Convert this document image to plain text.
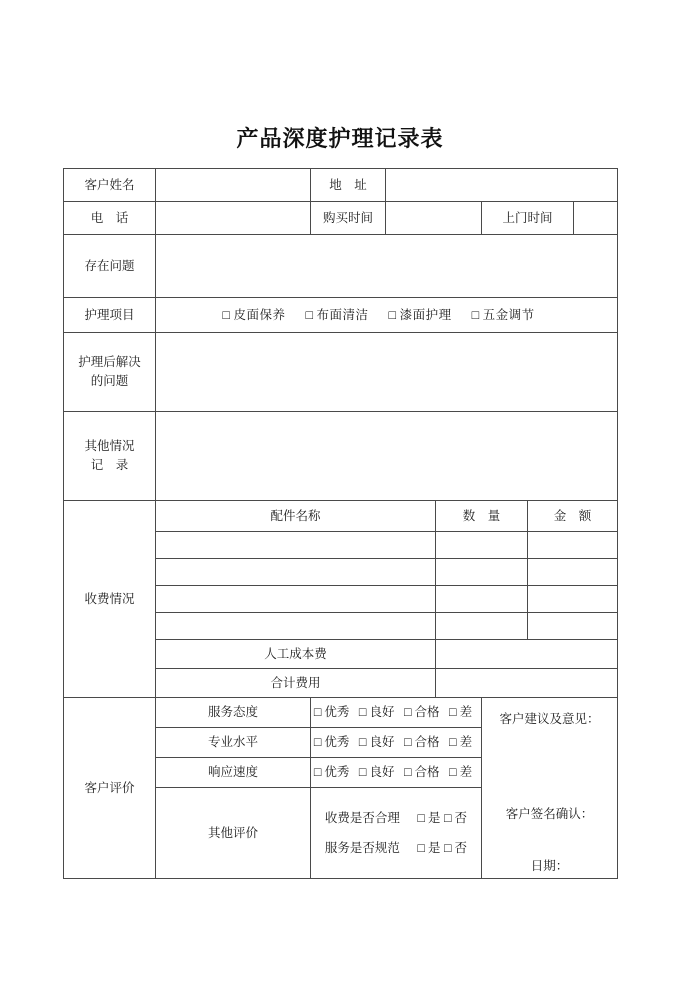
产品深度护理记录表
客户姓名		地　址					
电　话		购买时间			上门时间		
存在问题							
护理项目	□ 皮面保养 □ 布面清洁 □ 漆面护理 □ 五金调节						

护理后解决
的问题							

其他情况
记　录							

收费情况	配件名称			数　量		金　额	

	人工成本费						
	合计费用						
客户评价	服务态度	□ 优秀 □ 良好 □ 合格 □ 差			客户建议及意见：
客户签名确认：
日期：		

	专业水平	□ 优秀 □ 良好 □ 合格 □ 差					
	响应速度	□ 优秀 □ 良好 □ 合格 □ 差					
	其他评价	收费是否合理 □ 是 □ 否
服务是否规范 □ 是 □ 否					
